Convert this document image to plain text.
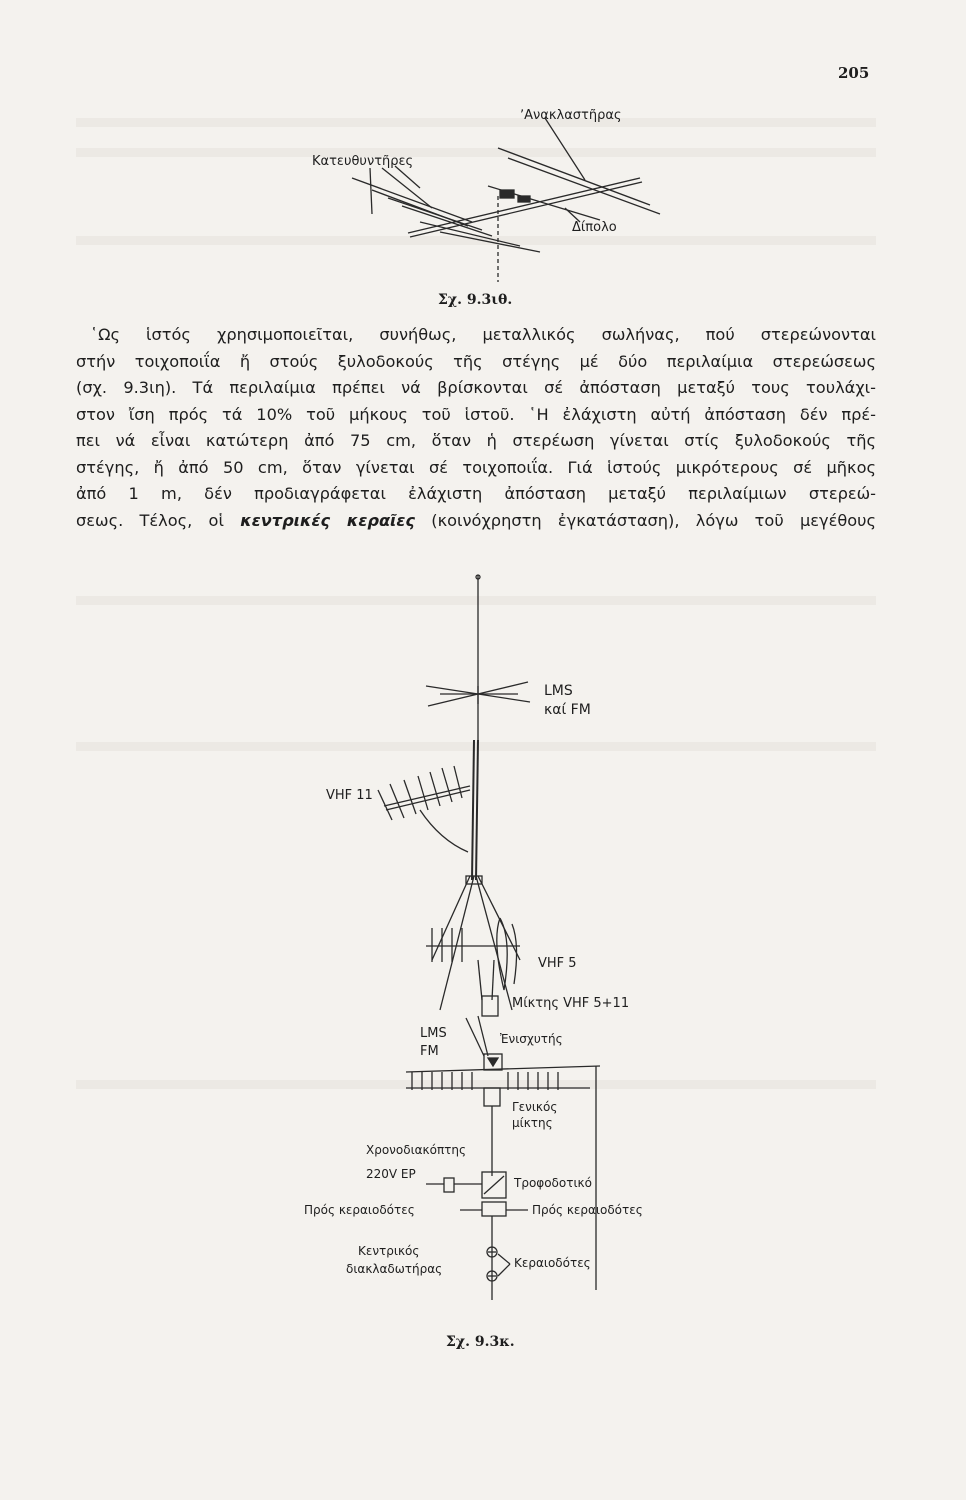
205
ʼΑνακλαστῆρας
Κατευθυντῆρες
Δίπολο
Σχ. 9.3ιθ.
῾Ως ἱστός χρησιμοποιεῖται, συνήθως, μεταλλικός σωλήνας, πού στερεώνονται
στήν τοιχοποιΐα ἤ στούς ξυλοδοκούς τῆς στέγης μέ δύο περιλαίμια στερεώσεως
(σχ. 9.3ιη). Τά περιλαίμια πρέπει νά βρίσκονται σέ ἀπόσταση μεταξύ τους τουλάχι-
στον ἴση πρός τά 10% τοῦ μήκους τοῦ ἱστοῦ. ῾Η ἐλάχιστη αὐτή ἀπόσταση δέν πρέ-
πει νά εἶναι κατώτερη ἀπό 75 cm, ὅταν ἡ στερέωση γίνεται στίς ξυλοδοκούς τῆς
στέγης, ἤ ἀπό 50 cm, ὅταν γίνεται σέ τοιχοποιΐα. Γιά ἱστούς μικρότερους σέ μῆκος
ἀπό 1 m, δέν προδιαγράφεται ἐλάχιστη ἀπόσταση μεταξύ περιλαίμιων στερεώ-
σεως. Τέλος, οἱ κεντρικές κεραῖες (κοινόχρηστη ἐγκατάσταση), λόγω τοῦ μεγέθους
LMS
καί FM
VHF 11
VHF 5
Μίκτης VHF 5+11
LMS
FM
Ἐνισχυτής
Γενικός
μίκτης
Χρονοδιακόπτης
220V ΕΡ
Τροφοδοτικό
Πρός κεραιοδότες	Πρός κεραιοδότες
Κεντρικός
διακλαδωτήρας	Κεραιοδότες
Σχ. 9.3κ.
